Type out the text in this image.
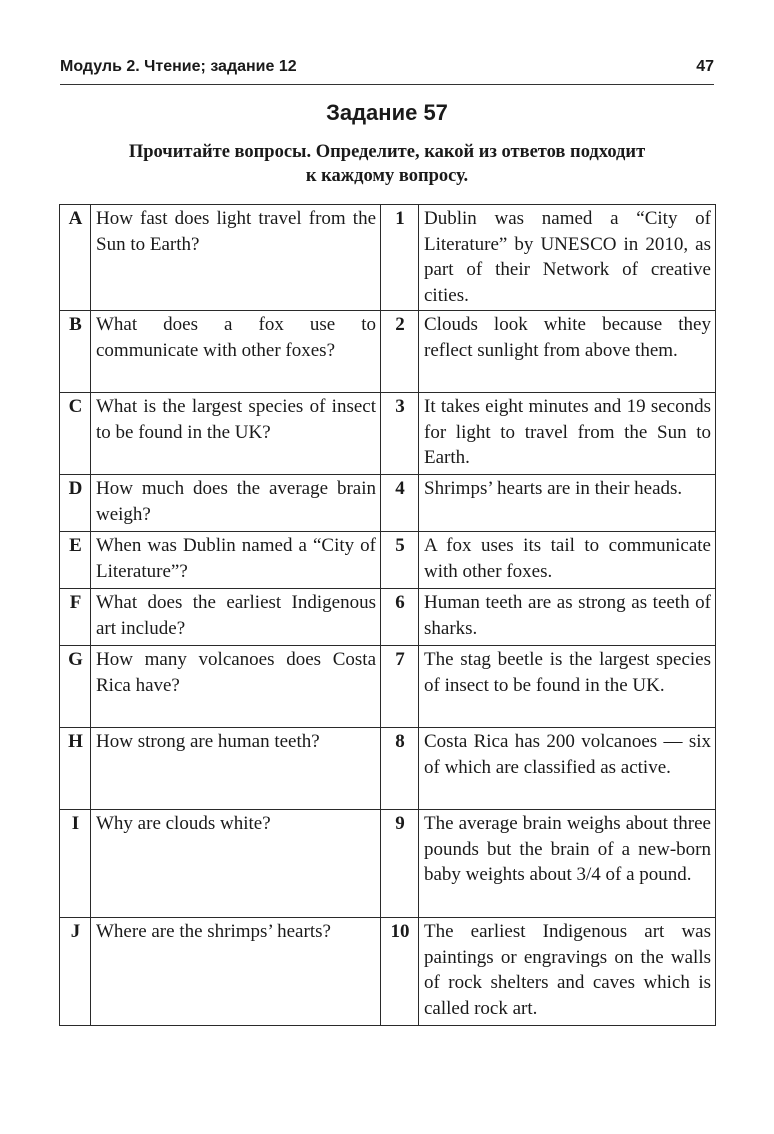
Модуль 2. Чтение; задание 12	47
Задание 57
Прочитайте вопросы. Определите, какой из ответов подходит
к каждому вопросу.
A	How fast does light travel from the Sun to Earth?	1	Dublin was named a “City of Literature” by UNESCO in 2010, as part of their Network of creative cities.
B	What does a fox use to communicate with other foxes?	2	Clouds look white because they reflect sunlight from above them.
C	What is the largest species of insect to be found in the UK?	3	It takes eight minutes and 19 seconds for light to travel from the Sun to Earth.
D	How much does the average brain weigh?	4	Shrimps’ hearts are in their heads.
E	When was Dublin named a “City of Literature”?	5	A fox uses its tail to communicate with other foxes.
F	What does the earliest Indigenous art include?	6	Human teeth are as strong as teeth of sharks.
G	How many volcanoes does Costa Rica have?	7	The stag beetle is the largest species of insect to be found in the UK.
H	How strong are human teeth?	8	Costa Rica has 200 volcanoes — six of which are classified as active.
I	Why are clouds white?	9	The average brain weighs about three pounds but the brain of a new-born baby weights about 3/4 of a pound.
J	Where are the shrimps’ hearts?	10	The earliest Indigenous art was paintings or engravings on the walls of rock shelters and caves which is called rock art.
